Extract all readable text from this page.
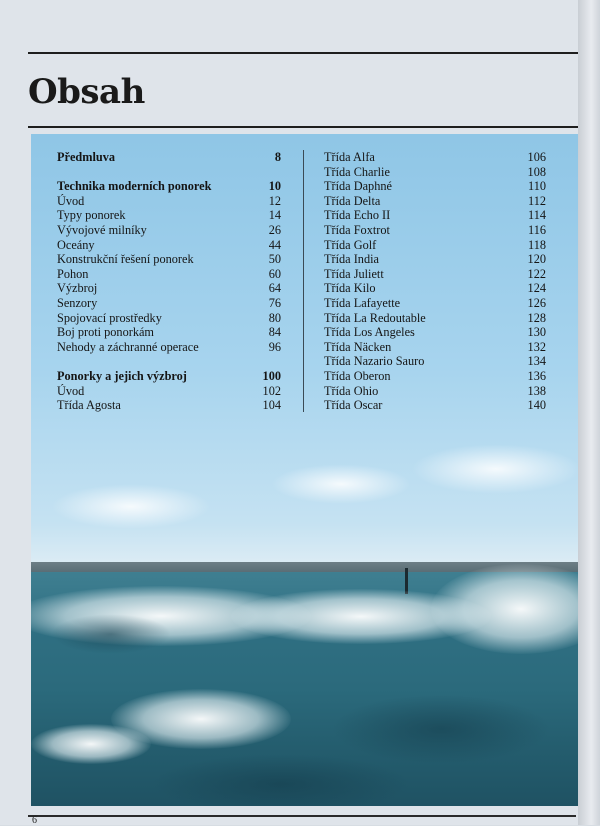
Obsah
Předmluva	8
Technika moderních ponorek	10
Úvod	12
Typy ponorek	14
Vývojové milníky	26
Oceány	44
Konstrukční řešení ponorek	50
Pohon	60
Výzbroj	64
Senzory	76
Spojovací prostředky	80
Boj proti ponorkám	84
Nehody a záchranné operace	96
Ponorky a jejich výzbroj	100
Úvod	102
Třída Agosta	104
Třída Alfa	106
Třída Charlie	108
Třída Daphné	110
Třída Delta	112
Třída Echo II	114
Třída Foxtrot	116
Třída Golf	118
Třída India	120
Třída Juliett	122
Třída Kilo	124
Třída Lafayette	126
Třída La Redoutable	128
Třída Los Angeles	130
Třída Näcken	132
Třída Nazario Sauro	134
Třída Oberon	136
Třída Ohio	138
Třída Oscar	140
6
